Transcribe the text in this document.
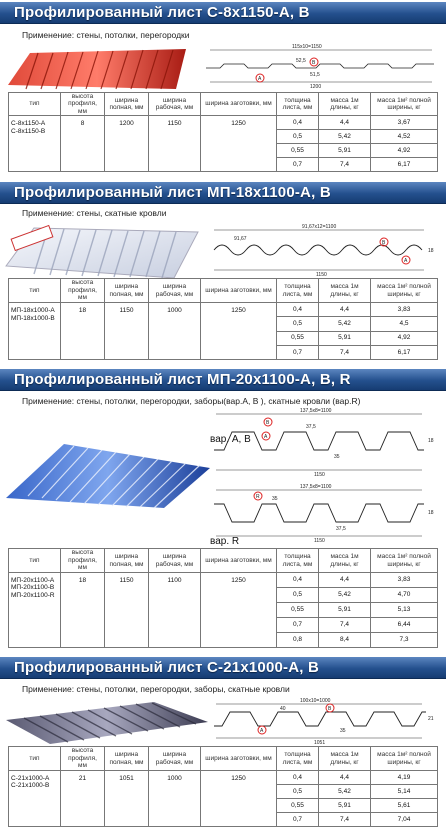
Профилированный лист С-8х1150-А, В
Применение: стены, потолки, перегородки
115х10=1150
52,5
51,5
1200
В
А
тип	высота профиля, мм	ширина полная, мм	ширина рабочая, мм	ширина заготовки, мм	толщина листа, мм	масса 1м длины, кг	масса 1м² полной ширины, кг

С-8х1150-А
С-8х1150-В	8	1200	1150	1250	0,4	4,4	3,67
					0,5	5,42	4,52
					0,55	5,91	4,92
					0,7	7,4	6,17
Профилированный лист МП-18х1100-А, В
Применение: стены, скатные кровли
91,67х12=1100
91,67
1150
18
В
А
тип	высота профиля, мм	ширина полная, мм	ширина рабочая, мм	ширина заготовки, мм	толщина листа, мм	масса 1м длины, кг	масса 1м² полной ширины, кг

МП-18х1000-А
МП-18х1000-В	18	1150	1000	1250	0,4	4,4	3,83
					0,5	5,42	4,5
					0,55	5,91	4,92
					0,7	7,4	6,17
Профилированный лист МП-20х1100-А, В, R
Применение: стены, потолки, перегородки, заборы(вар.А, В ), скатные кровли (вар.R)
137,5х8=1100
37,5
35
1150
18
В
А
вар. А, В
137,5х8=1100
35
37,5
1150
18
R
вар. R
тип	высота профиля, мм	ширина полная, мм	ширина рабочая, мм	ширина заготовки, мм	толщина листа, мм	масса 1м длины, кг	масса 1м² полной ширины, кг

МП-20х1100-А
МП-20х1100-В
МП-20х1100-R	18	1150	1100	1250	0,4	4,4	3,83
					0,5	5,42	4,70
					0,55	5,91	5,13
					0,7	7,4	6,44
					0,8	8,4	7,3
Профилированный лист С-21х1000-А, В
Применение: стены, потолки, перегородки, заборы, скатные кровли
100х10=1000
40
35
1051
21
В
А
тип	высота профиля, мм	ширина полная, мм	ширина рабочая, мм	ширина заготовки, мм	толщина листа, мм	масса 1м длины, кг	масса 1м² полной ширины, кг

С-21х1000-А
С-21х1000-В	21	1051	1000	1250	0,4	4,4	4,19
					0,5	5,42	5,14
					0,55	5,91	5,61
					0,7	7,4	7,04
